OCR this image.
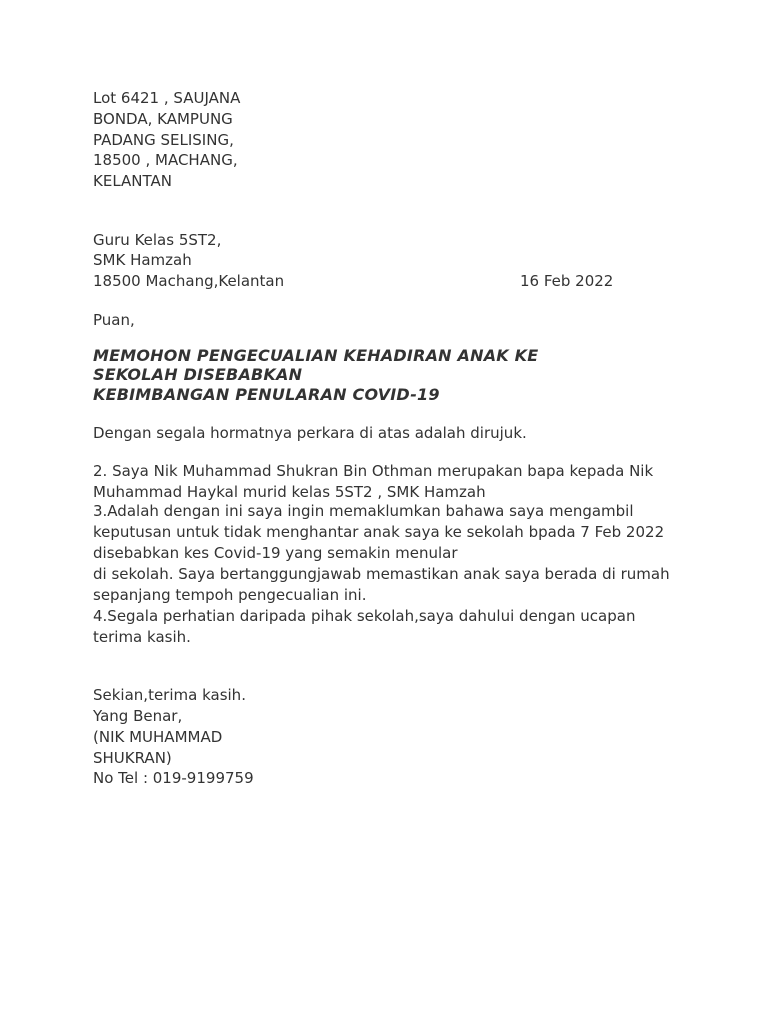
Lot 6421 , SAUJANA
BONDA, KAMPUNG
PADANG SELISING,
18500 , MACHANG,
KELANTAN
Guru Kelas 5ST2,
SMK Hamzah
18500 Machang,Kelantan	16 Feb 2022
Puan,
MEMOHON PENGECUALIAN KEHADIRAN ANAK KE
SEKOLAH DISEBABKAN
KEBIMBANGAN PENULARAN COVID-19
Dengan segala hormatnya perkara di atas adalah dirujuk.
2. Saya Nik Muhammad Shukran Bin Othman merupakan bapa kepada Nik
Muhammad Haykal murid kelas 5ST2 , SMK Hamzah
3.Adalah dengan ini saya ingin memaklumkan bahawa saya mengambil
keputusan untuk tidak menghantar anak saya ke sekolah bpada 7 Feb 2022
disebabkan kes Covid-19 yang semakin menular
di sekolah. Saya bertanggungjawab memastikan anak saya berada di rumah
sepanjang tempoh pengecualian ini.
4.Segala perhatian daripada pihak sekolah,saya dahului dengan ucapan
terima kasih.
Sekian,terima kasih.
Yang Benar,
(NIK MUHAMMAD
SHUKRAN)
No Tel : 019-9199759
